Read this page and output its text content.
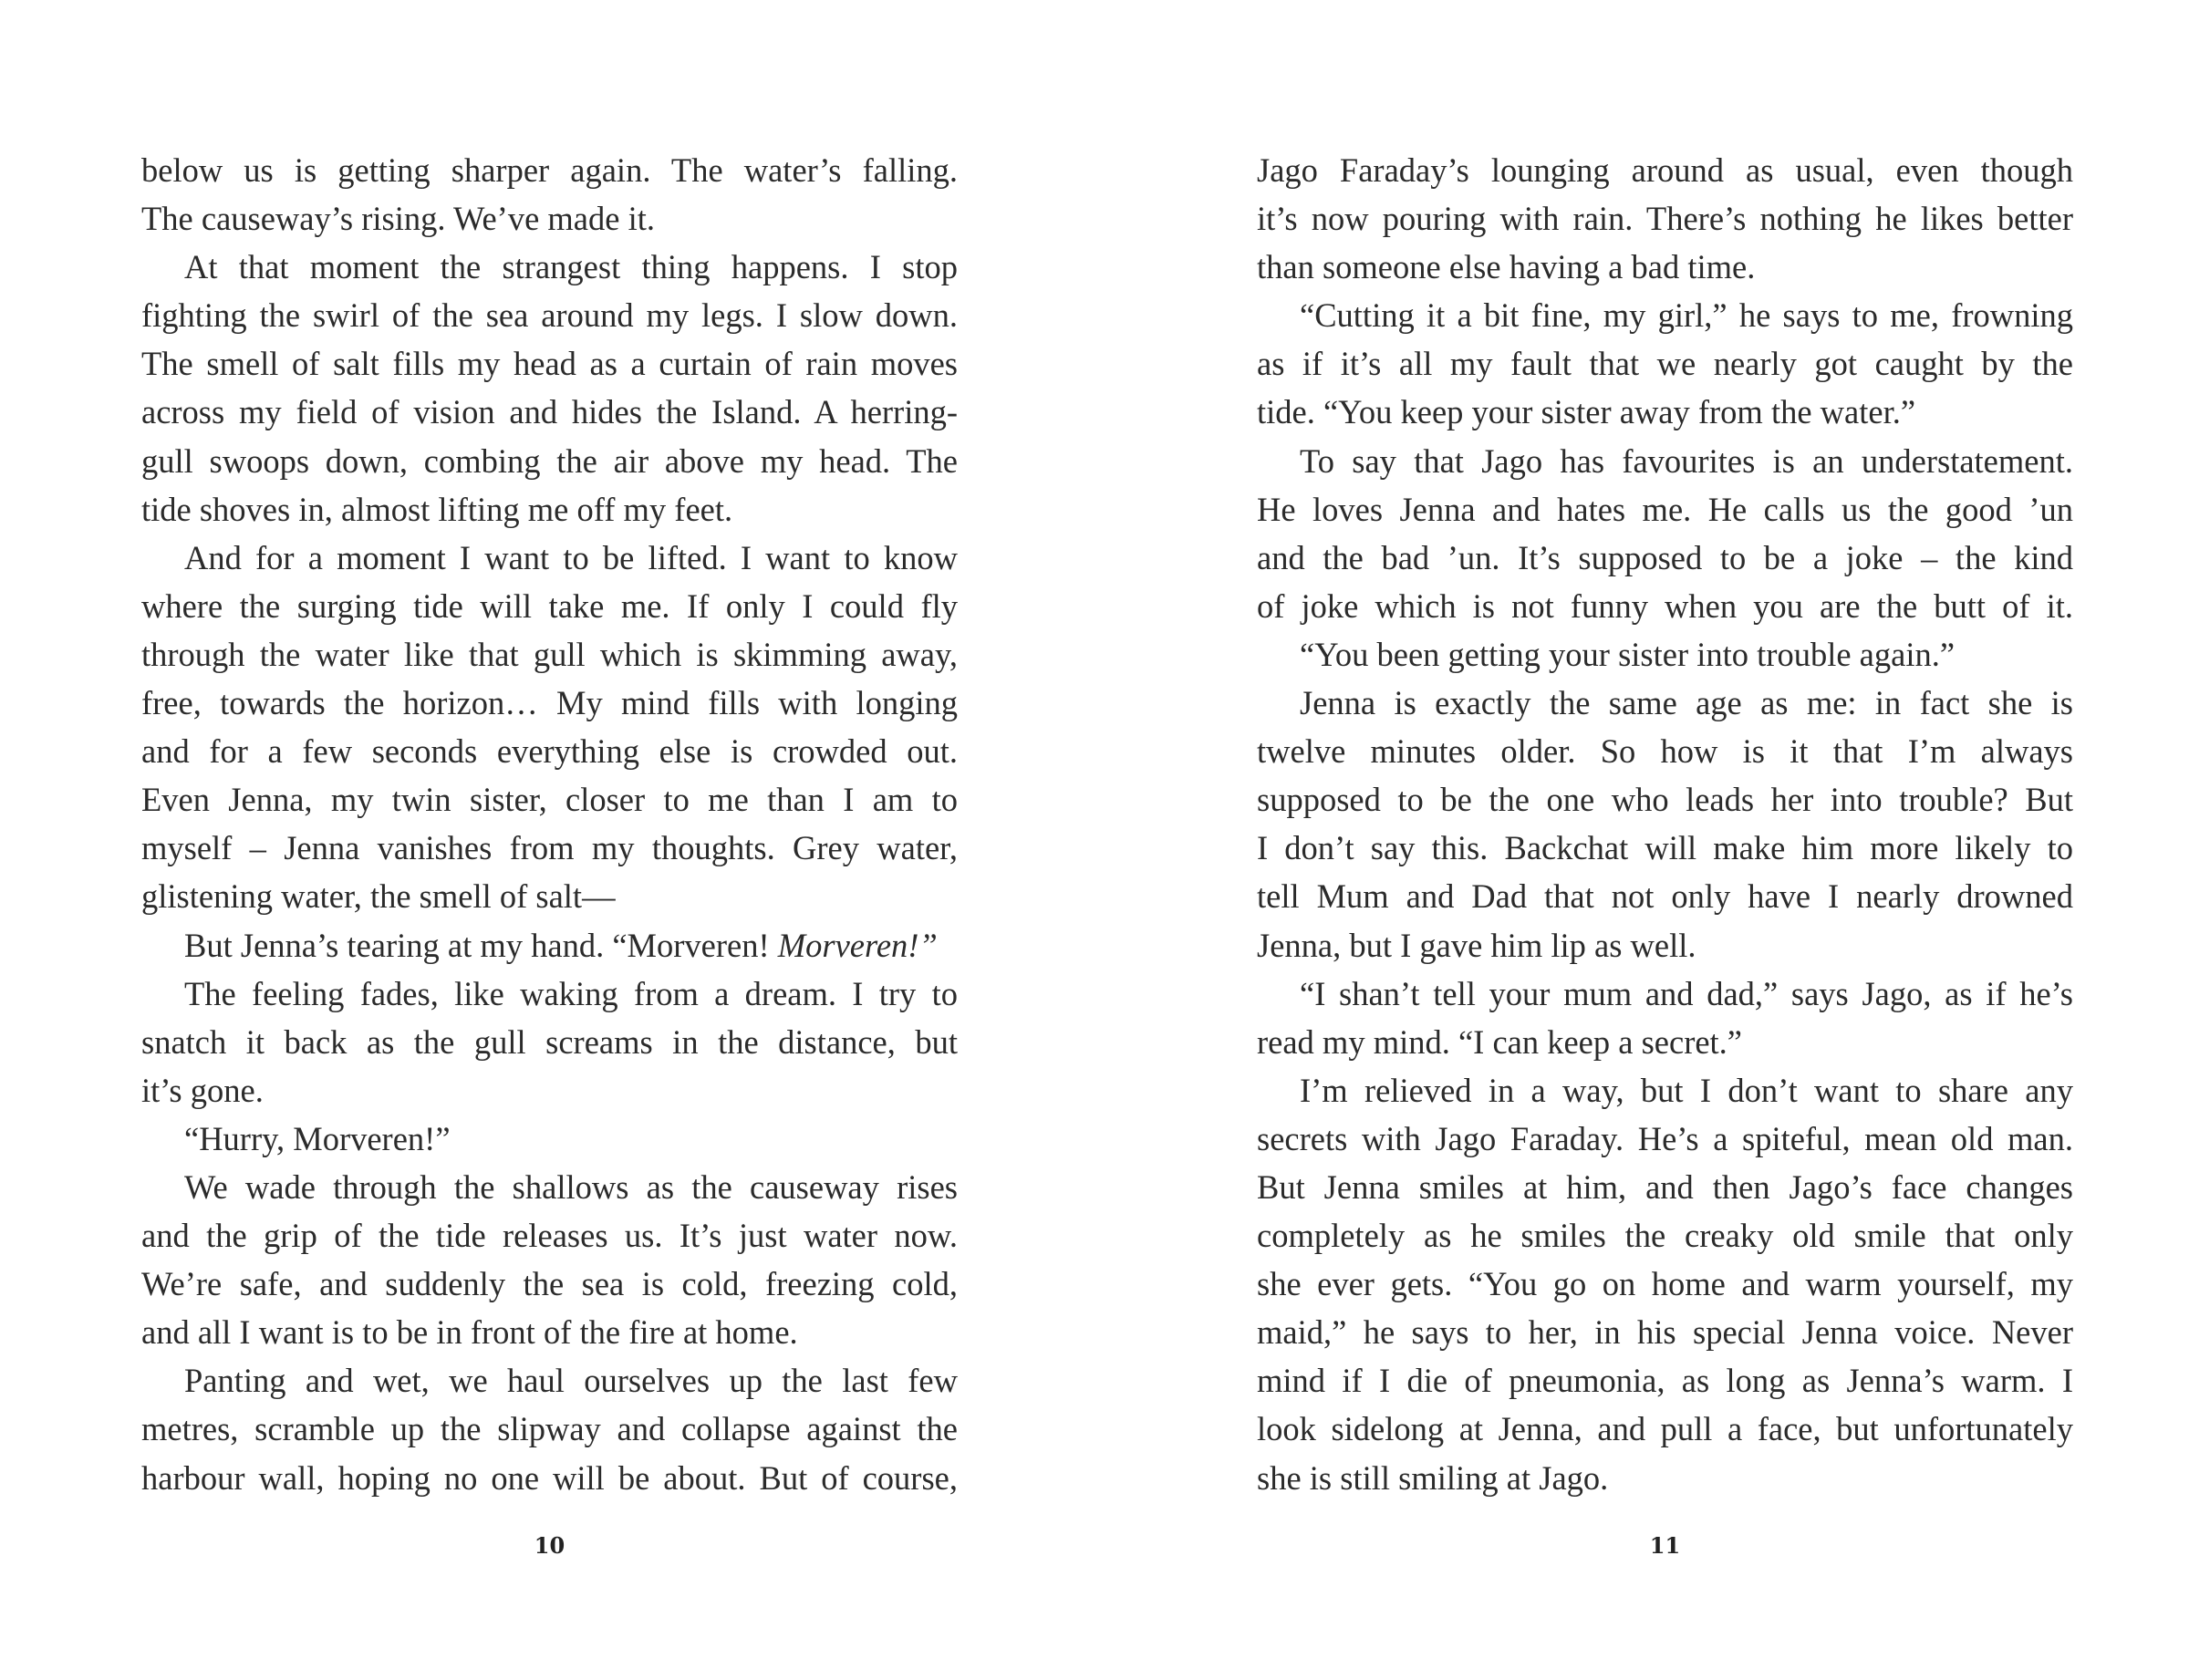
below us is getting sharper again. The water’s falling.
The causeway’s rising. We’ve made it.
At that moment the strangest thing happens. I stop
fighting the swirl of the sea around my legs. I slow down.
The smell of salt fills my head as a curtain of rain moves
across my field of vision and hides the Island. A herring-
gull swoops down, combing the air above my head. The
tide shoves in, almost lifting me off my feet.
And for a moment I want to be lifted. I want to know
where the surging tide will take me. If only I could fly
through the water like that gull which is skimming away,
free, towards the horizon… My mind fills with longing
and for a few seconds everything else is crowded out.
Even Jenna, my twin sister, closer to me than I am to
myself – Jenna vanishes from my thoughts. Grey water,
glistening water, the smell of salt—
But Jenna’s tearing at my hand. “Morveren! Morveren!”
The feeling fades, like waking from a dream. I try to
snatch it back as the gull screams in the distance, but
it’s gone.
“Hurry, Morveren!”
We wade through the shallows as the causeway rises
and the grip of the tide releases us. It’s just water now.
We’re safe, and suddenly the sea is cold, freezing cold,
and all I want is to be in front of the fire at home.
Panting and wet, we haul ourselves up the last few
metres, scramble up the slipway and collapse against the
harbour wall, hoping no one will be about. But of course,
Jago Faraday’s lounging around as usual, even though
it’s now pouring with rain. There’s nothing he likes better
than someone else having a bad time.
“Cutting it a bit fine, my girl,” he says to me, frowning
as if it’s all my fault that we nearly got caught by the
tide. “You keep your sister away from the water.”
To say that Jago has favourites is an understatement.
He loves Jenna and hates me. He calls us the good ’un
and the bad ’un. It’s supposed to be a joke – the kind
of joke which is not funny when you are the butt of it.
“You been getting your sister into trouble again.”
Jenna is exactly the same age as me: in fact she is
twelve minutes older. So how is it that I’m always
supposed to be the one who leads her into trouble? But
I don’t say this. Backchat will make him more likely to
tell Mum and Dad that not only have I nearly drowned
Jenna, but I gave him lip as well.
“I shan’t tell your mum and dad,” says Jago, as if he’s
read my mind. “I can keep a secret.”
I’m relieved in a way, but I don’t want to share any
secrets with Jago Faraday. He’s a spiteful, mean old man.
But Jenna smiles at him, and then Jago’s face changes
completely as he smiles the creaky old smile that only
she ever gets. “You go on home and warm yourself, my
maid,” he says to her, in his special Jenna voice. Never
mind if I die of pneumonia, as long as Jenna’s warm. I
look sidelong at Jenna, and pull a face, but unfortunately
she is still smiling at Jago.
10	11
